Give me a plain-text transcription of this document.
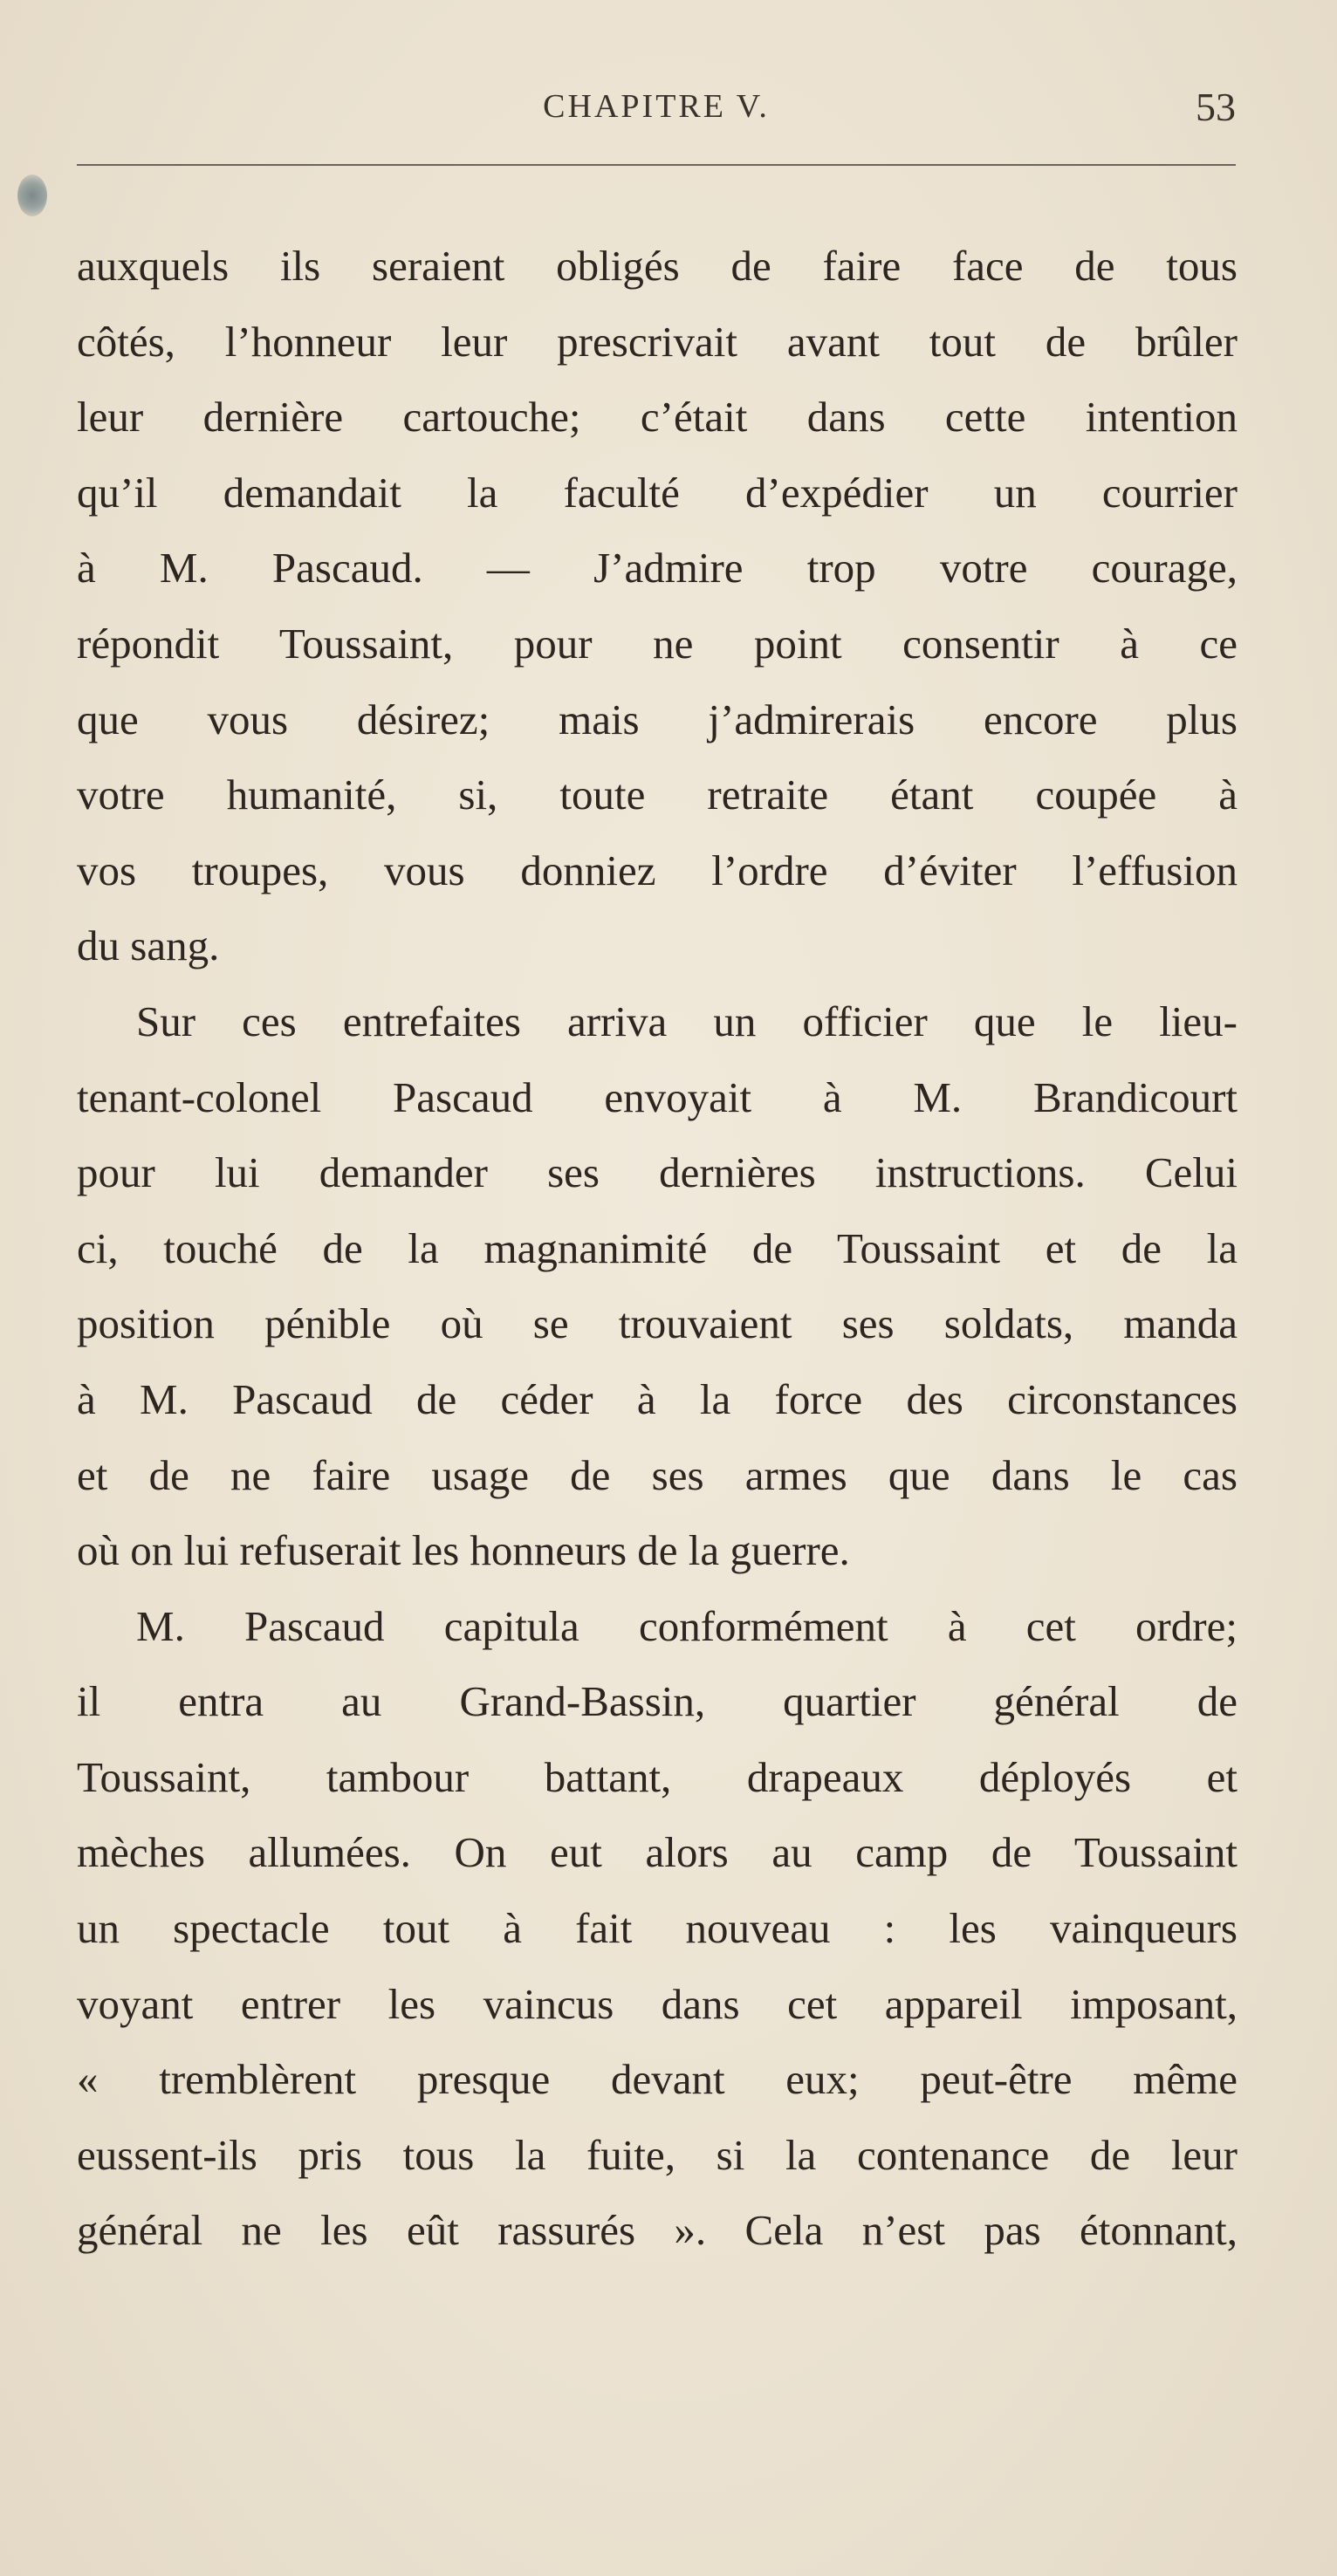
CHAPITRE V.	53
auxquels ils seraient obligés de faire face de tous
côtés, l’honneur leur prescrivait avant tout de brûler
leur dernière cartouche; c’était dans cette intention
qu’il demandait la faculté d’expédier un courrier
à M. Pascaud. — J’admire trop votre courage,
répondit Toussaint, pour ne point consentir à ce
que vous désirez; mais j’admirerais encore plus
votre humanité, si, toute retraite étant coupée à
vos troupes, vous donniez l’ordre d’éviter l’effusion
du sang.
Sur ces entrefaites arriva un officier que le lieu-
tenant-colonel Pascaud envoyait à M. Brandicourt
pour lui demander ses dernières instructions. Celui
ci, touché de la magnanimité de Toussaint et de la
position pénible où se trouvaient ses soldats, manda
à M. Pascaud de céder à la force des circonstances
et de ne faire usage de ses armes que dans le cas
où on lui refuserait les honneurs de la guerre.
M. Pascaud capitula conformément à cet ordre;
il entra au Grand-Bassin, quartier général de
Toussaint, tambour battant, drapeaux déployés et
mèches allumées. On eut alors au camp de Toussaint
un spectacle tout à fait nouveau : les vainqueurs
voyant entrer les vaincus dans cet appareil imposant,
« tremblèrent presque devant eux; peut-être même
eussent-ils pris tous la fuite, si la contenance de leur
général ne les eût rassurés ». Cela n’est pas étonnant,
